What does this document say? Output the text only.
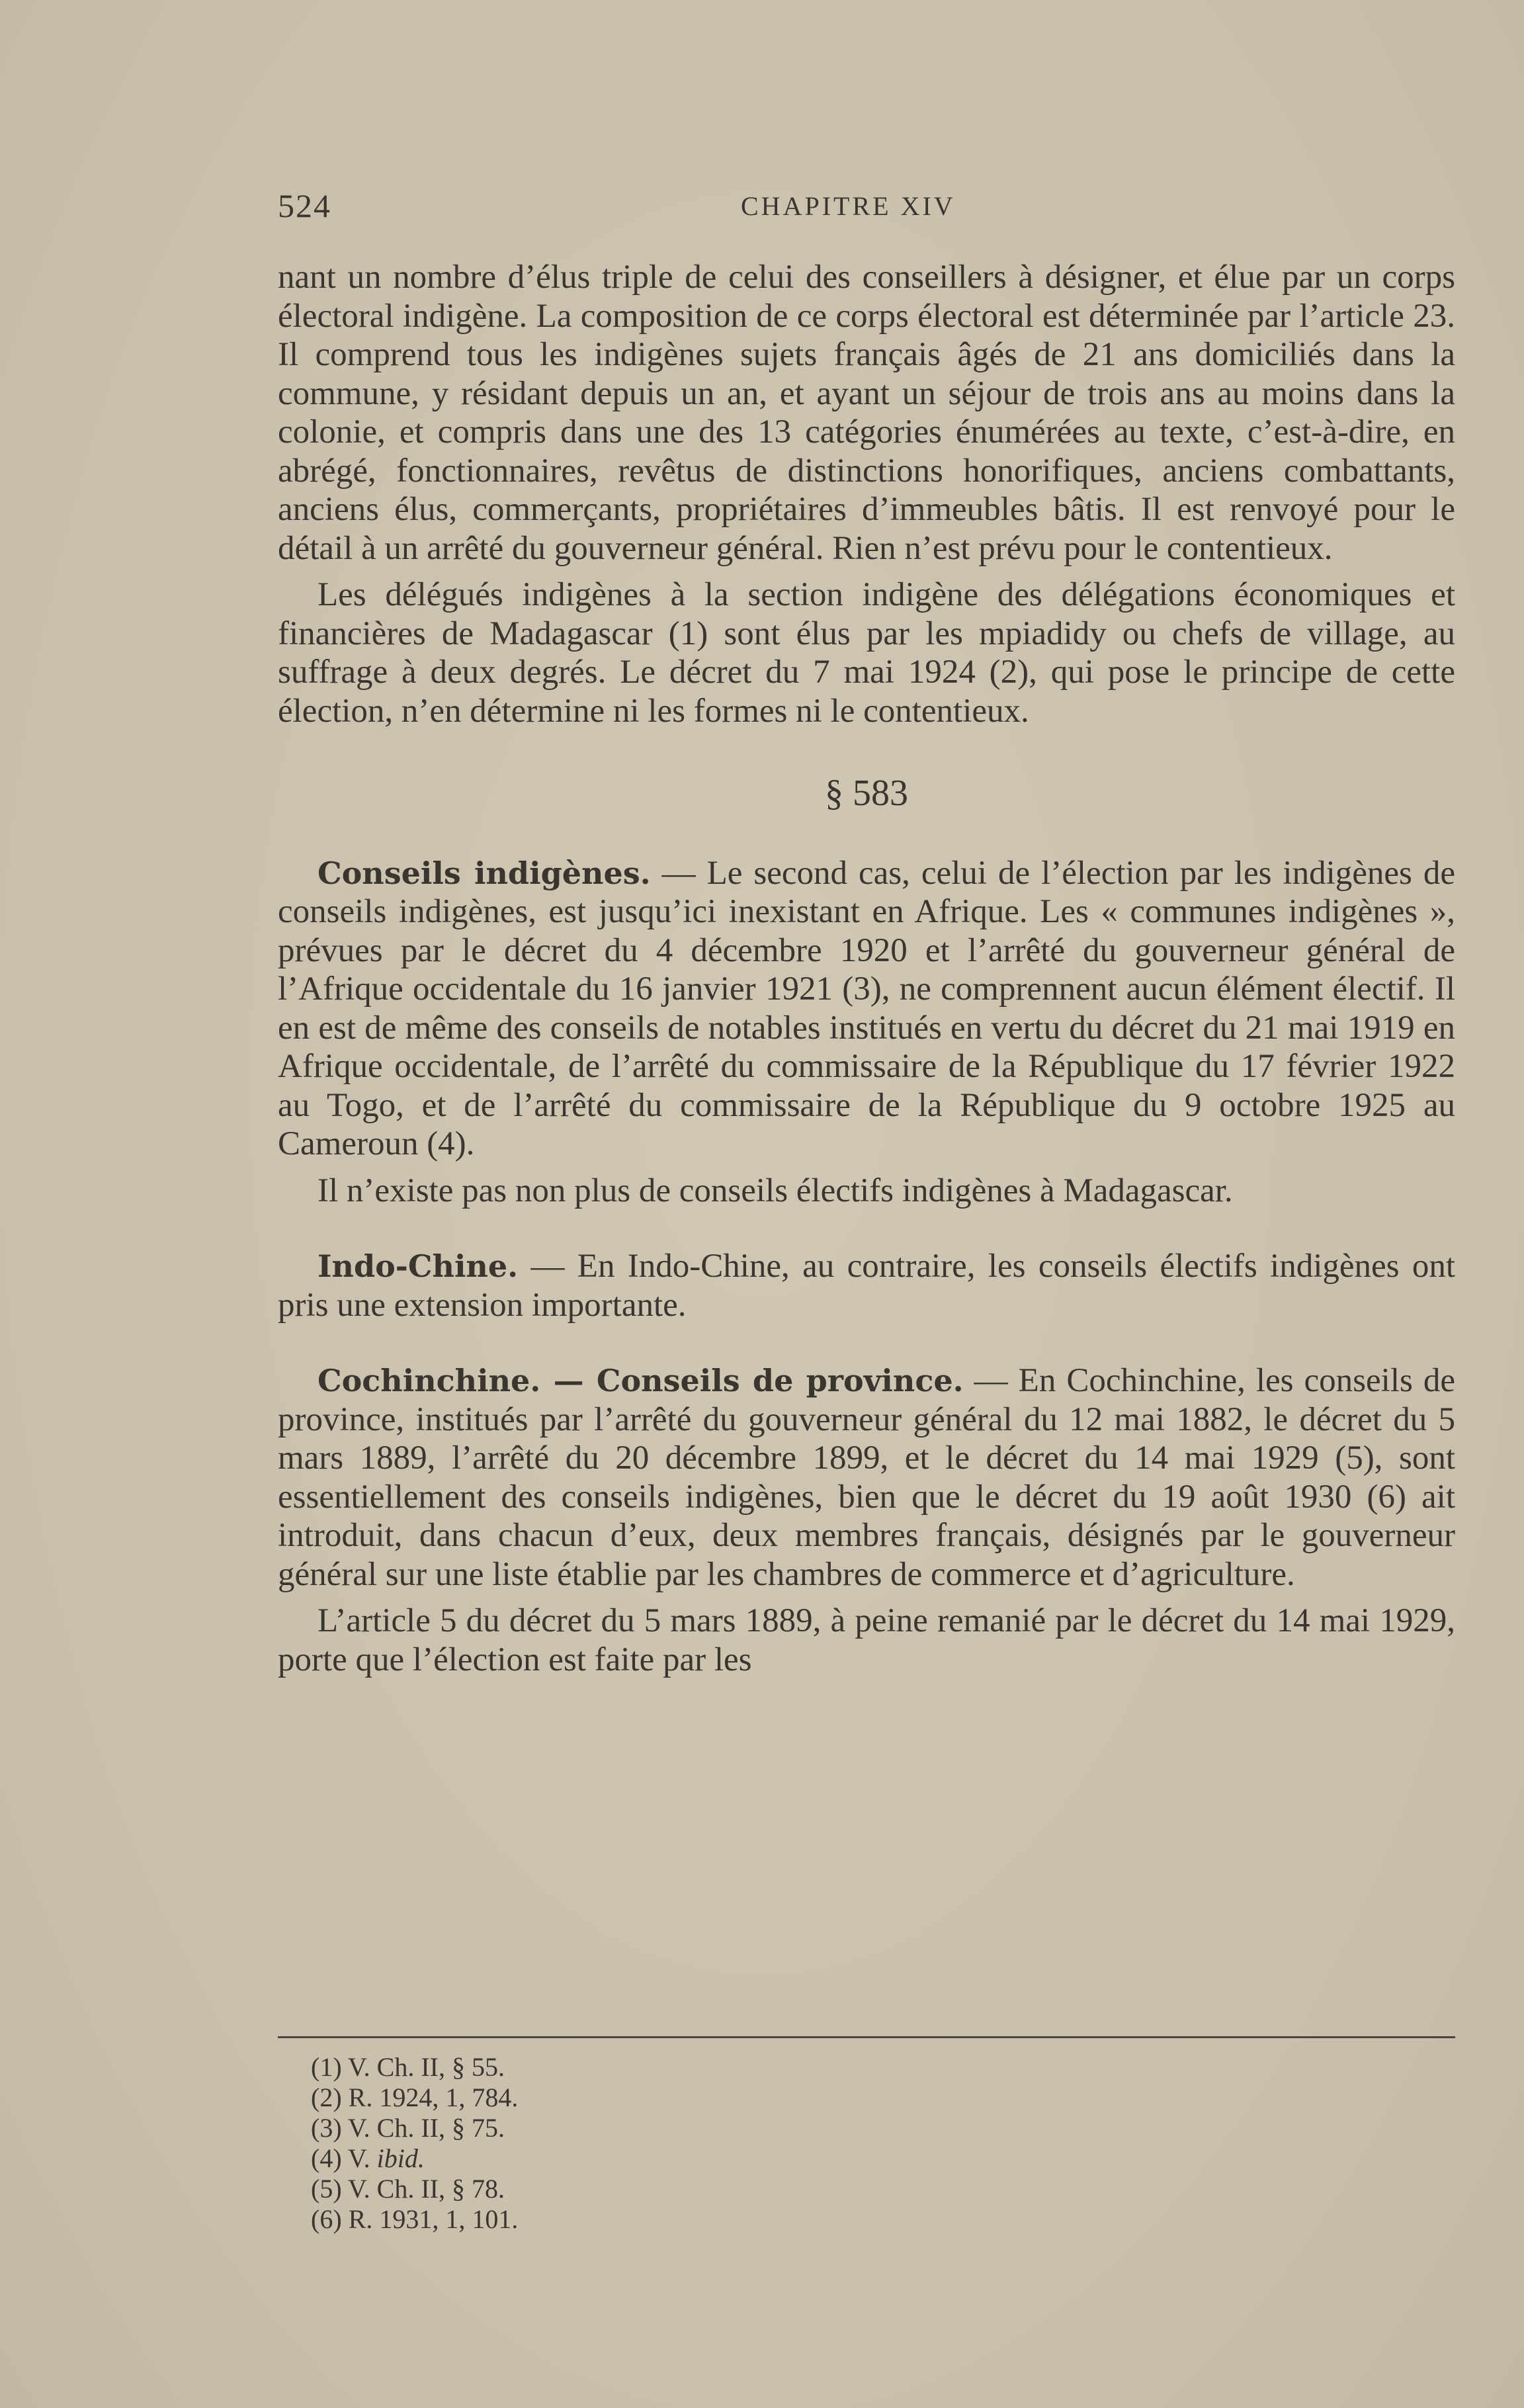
524	CHAPITRE XIV

nant un nombre d’élus triple de celui des conseillers à désigner, et élue par un corps électoral indigène. La composition de ce corps électoral est déterminée par l’article 23. Il comprend tous les indigènes sujets français âgés de 21 ans domiciliés dans la commune, y résidant depuis un an, et ayant un séjour de trois ans au moins dans la colonie, et compris dans une des 13 catégories énumérées au texte, c’est-à-dire, en abrégé, fonctionnaires, revêtus de distinctions honorifiques, anciens combattants, anciens élus, commerçants, propriétaires d’immeubles bâtis. Il est renvoyé pour le détail à un arrêté du gouverneur général. Rien n’est prévu pour le contentieux.

Les délégués indigènes à la section indigène des délégations économiques et financières de Madagascar (1) sont élus par les mpiadidy ou chefs de village, au suffrage à deux degrés. Le décret du 7 mai 1924 (2), qui pose le principe de cette élection, n’en détermine ni les formes ni le contentieux.

§ 583

Conseils indigènes. — Le second cas, celui de l’élection par les indigènes de conseils indigènes, est jusqu’ici inexistant en Afrique. Les « communes indigènes », prévues par le décret du 4 décembre 1920 et l’arrêté du gouverneur général de l’Afrique occidentale du 16 janvier 1921 (3), ne comprennent aucun élément électif. Il en est de même des conseils de notables institués en vertu du décret du 21 mai 1919 en Afrique occidentale, de l’arrêté du commissaire de la République du 17 février 1922 au Togo, et de l’arrêté du commissaire de la République du 9 octobre 1925 au Cameroun (4).

Il n’existe pas non plus de conseils électifs indigènes à Madagascar.

Indo-Chine. — En Indo-Chine, au contraire, les conseils électifs indigènes ont pris une extension importante.

Cochinchine. — Conseils de province. — En Cochinchine, les conseils de province, institués par l’arrêté du gouverneur général du 12 mai 1882, le décret du 5 mars 1889, l’arrêté du 20 décembre 1899, et le décret du 14 mai 1929 (5), sont essentiellement des conseils indigènes, bien que le décret du 19 août 1930 (6) ait introduit, dans chacun d’eux, deux membres français, désignés par le gouverneur général sur une liste établie par les chambres de commerce et d’agriculture.

L’article 5 du décret du 5 mars 1889, à peine remanié par le décret du 14 mai 1929, porte que l’élection est faite par les

(1) V. Ch. II, § 55.
(2) R. 1924, 1, 784.
(3) V. Ch. II, § 75.
(4) V. ibid.
(5) V. Ch. II, § 78.
(6) R. 1931, 1, 101.
